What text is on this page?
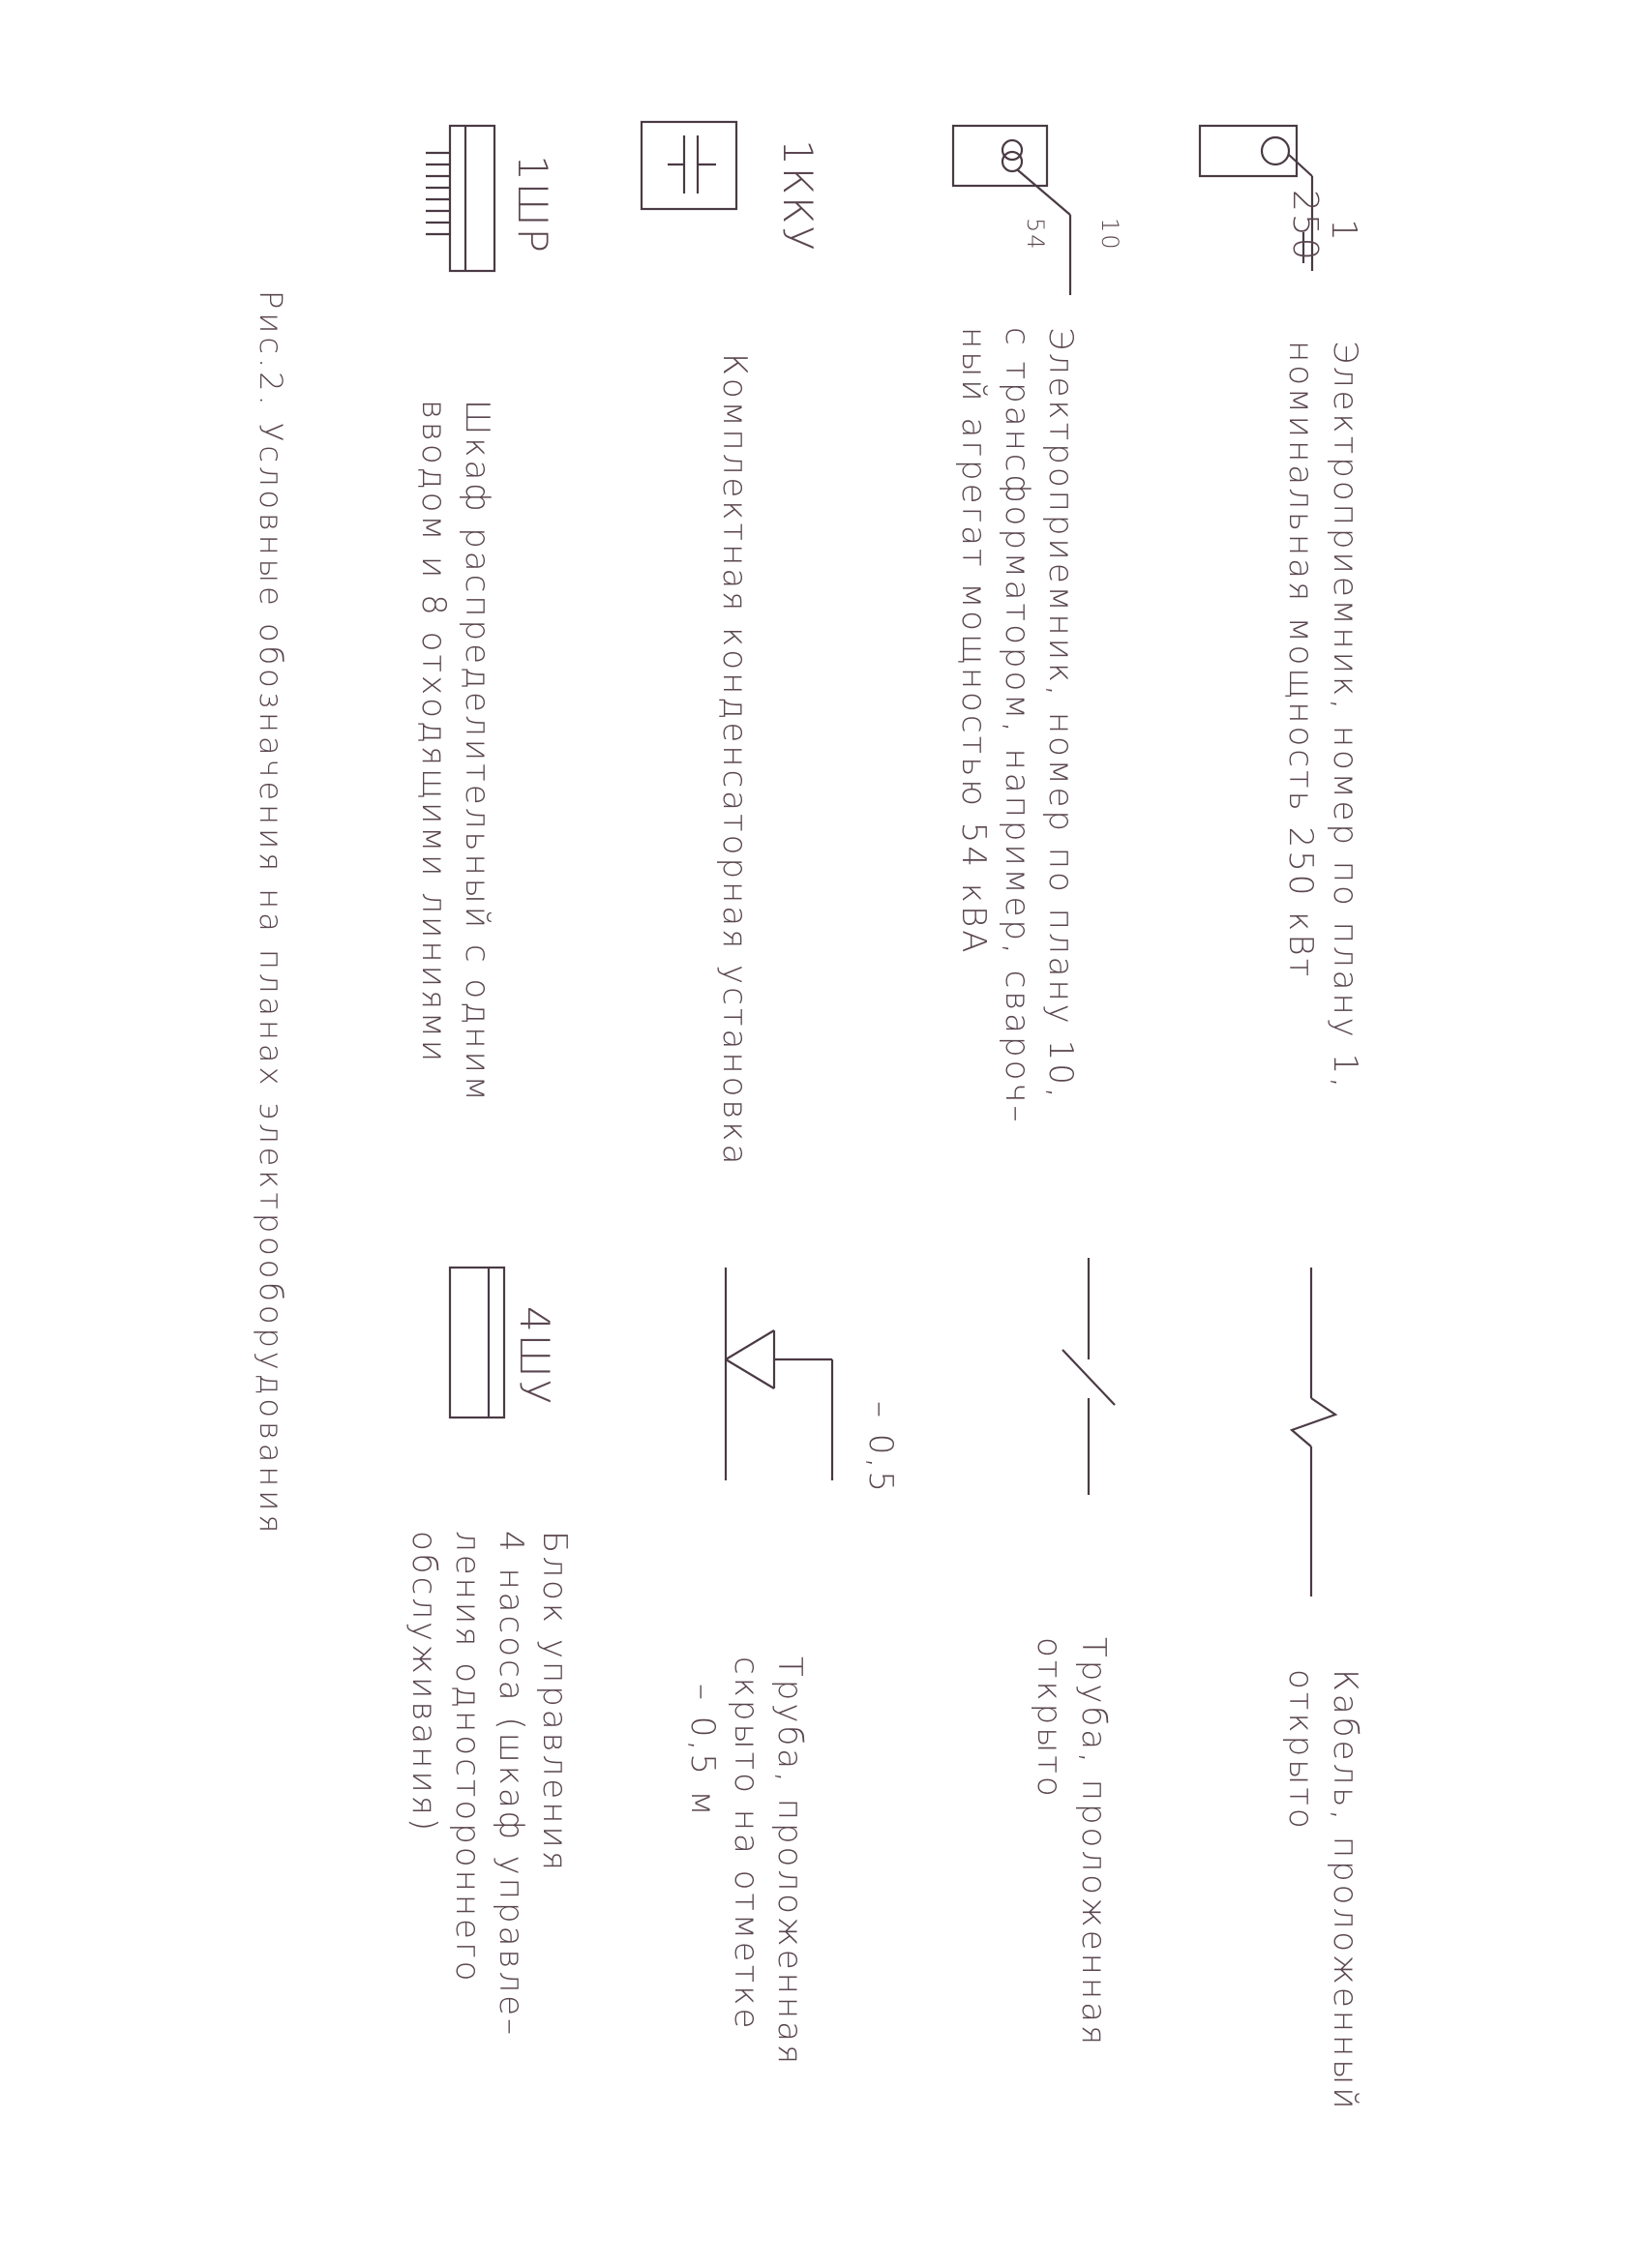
1
250
Электроприемник, номер по плану 1,
номинальная мощность 250 кВт
10
54
Электроприемник, номер по плану 10,
с трансформатором, например, свароч–
ный агрегат мощностью 54 кВА
1ККУ
Комплектная конденсаторная установка
1ШР
Шкаф распределительный с одним
вводом и 8 отходящими линиями
Кабель, проложенный
открыто
Труба, проложенная
открыто
– 0,5
Труба, проложенная
скрыто на отметке
– 0,5 м
4ШУ
Блок управления
4 насоса (шкаф управле–
ления одностороннего
обслуживания)
Рис.2. Условные обозначения на планах электрооборудования
